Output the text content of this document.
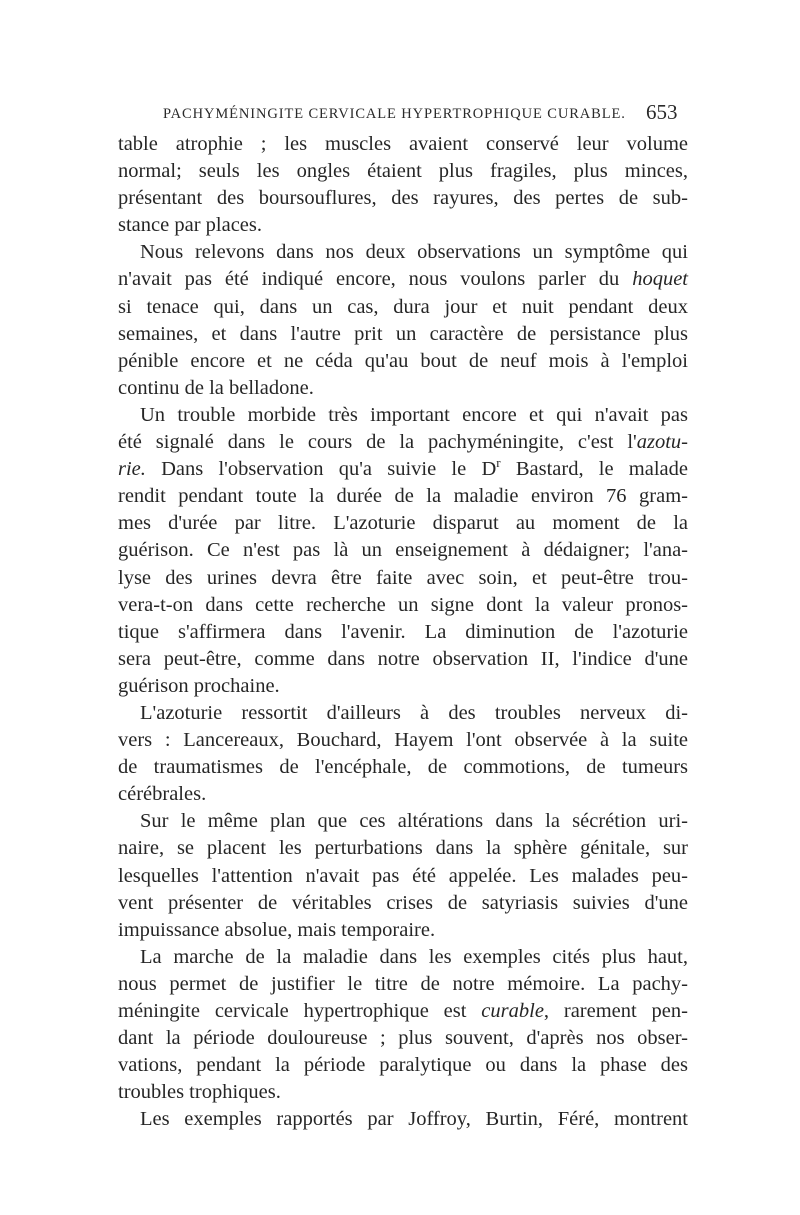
PACHYMÉNINGITE CERVICALE HYPERTROPHIQUE CURABLE. 653
table atrophie ; les muscles avaient conservé leur volume
normal; seuls les ongles étaient plus fragiles, plus minces,
présentant des boursouflures, des rayures, des pertes de sub-
stance par places.
Nous relevons dans nos deux observations un symptôme qui
n'avait pas été indiqué encore, nous voulons parler du hoquet
si tenace qui, dans un cas, dura jour et nuit pendant deux
semaines, et dans l'autre prit un caractère de persistance plus
pénible encore et ne céda qu'au bout de neuf mois à l'emploi
continu de la belladone.
Un trouble morbide très important encore et qui n'avait pas
été signalé dans le cours de la pachyméningite, c'est l'azotu-
rie. Dans l'observation qu'a suivie le $D^r$ Bastard, le malade
rendit pendant toute la durée de la maladie environ 76 gram-
mes d'urée par litre. L'azoturie disparut au moment de la
guérison. Ce n'est pas là un enseignement à dédaigner; l'ana-
lyse des urines devra être faite avec soin, et peut-être trou-
vera-t-on dans cette recherche un signe dont la valeur pronos-
tique s'affirmera dans l'avenir. La diminution de l'azoturie
sera peut-être, comme dans notre observation II, l'indice d'une
guérison prochaine.
L'azoturie ressortit d'ailleurs à des troubles nerveux di-
vers : Lancereaux, Bouchard, Hayem l'ont observée à la suite
de traumatismes de l'encéphale, de commotions, de tumeurs
cérébrales.
Sur le même plan que ces altérations dans la sécrétion uri-
naire, se placent les perturbations dans la sphère génitale, sur
lesquelles l'attention n'avait pas été appelée. Les malades peu-
vent présenter de véritables crises de satyriasis suivies d'une
impuissance absolue, mais temporaire.
La marche de la maladie dans les exemples cités plus haut,
nous permet de justifier le titre de notre mémoire. La pachy-
méningite cervicale hypertrophique est curable, rarement pen-
dant la période douloureuse ; plus souvent, d'après nos obser-
vations, pendant la période paralytique ou dans la phase des
troubles trophiques.
Les exemples rapportés par Joffroy, Burtin, Féré, montrent
